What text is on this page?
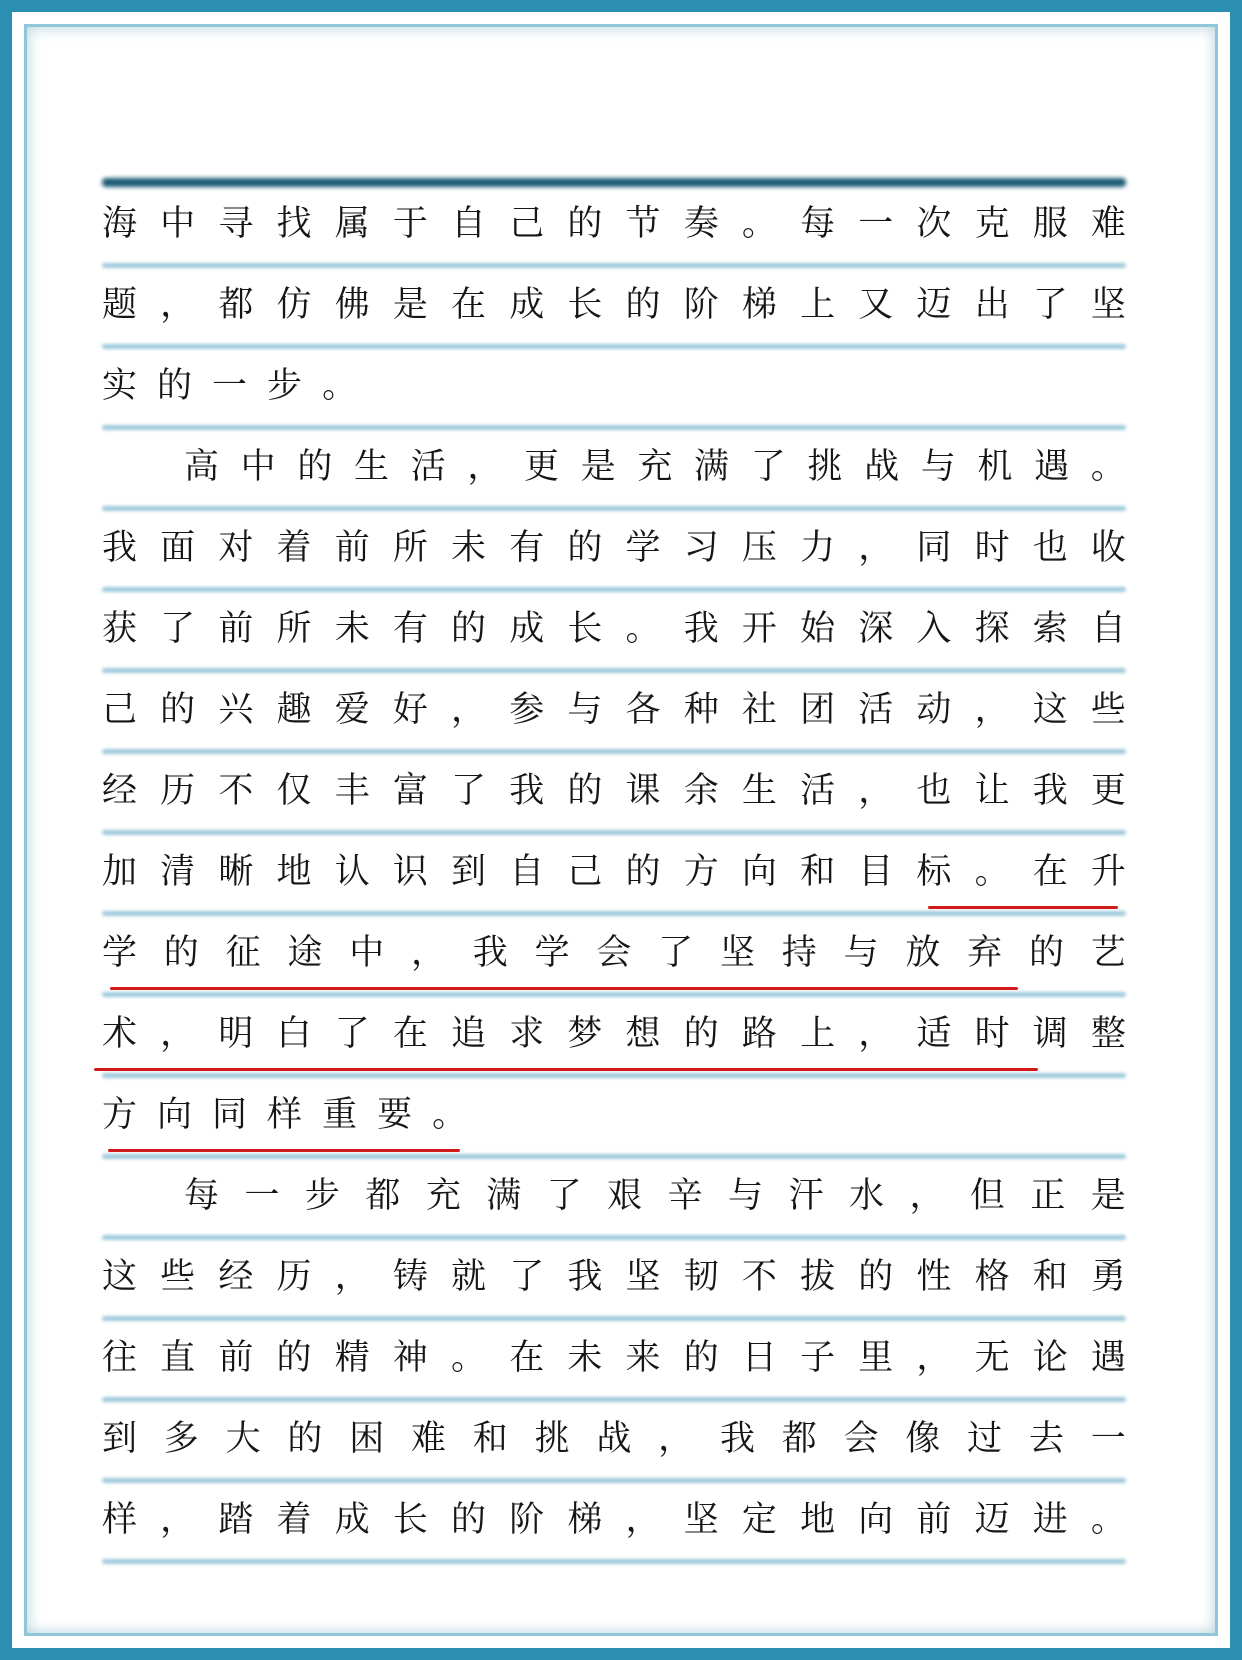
海 中 寻 找 属 于 自 己 的 节 奏 。 每 一 次 克 服 难
题 ， 都 仿 佛 是 在 成 长 的 阶 梯 上 又 迈 出 了 坚
实 的 一 步 。
高 中 的 生 活 ， 更 是 充 满 了 挑 战 与 机 遇 。
我 面 对 着 前 所 未 有 的 学 习 压 力 ， 同 时 也 收
获 了 前 所 未 有 的 成 长 。 我 开 始 深 入 探 索 自
己 的 兴 趣 爱 好 ， 参 与 各 种 社 团 活 动 ， 这 些
经 历 不 仅 丰 富 了 我 的 课 余 生 活 ， 也 让 我 更
加 清 晰 地 认 识 到 自 己 的 方 向 和 目 标 。 在 升
学 的 征 途 中 ， 我 学 会 了 坚 持 与 放 弃 的 艺
术 ， 明 白 了 在 追 求 梦 想 的 路 上 ， 适 时 调 整
方 向 同 样 重 要 。
每 一 步 都 充 满 了 艰 辛 与 汗 水 ， 但 正 是
这 些 经 历 ， 铸 就 了 我 坚 韧 不 拔 的 性 格 和 勇
往 直 前 的 精 神 。 在 未 来 的 日 子 里 ， 无 论 遇
到 多 大 的 困 难 和 挑 战 ， 我 都 会 像 过 去 一
样 ， 踏 着 成 长 的 阶 梯 ， 坚 定 地 向 前 迈 进 。
